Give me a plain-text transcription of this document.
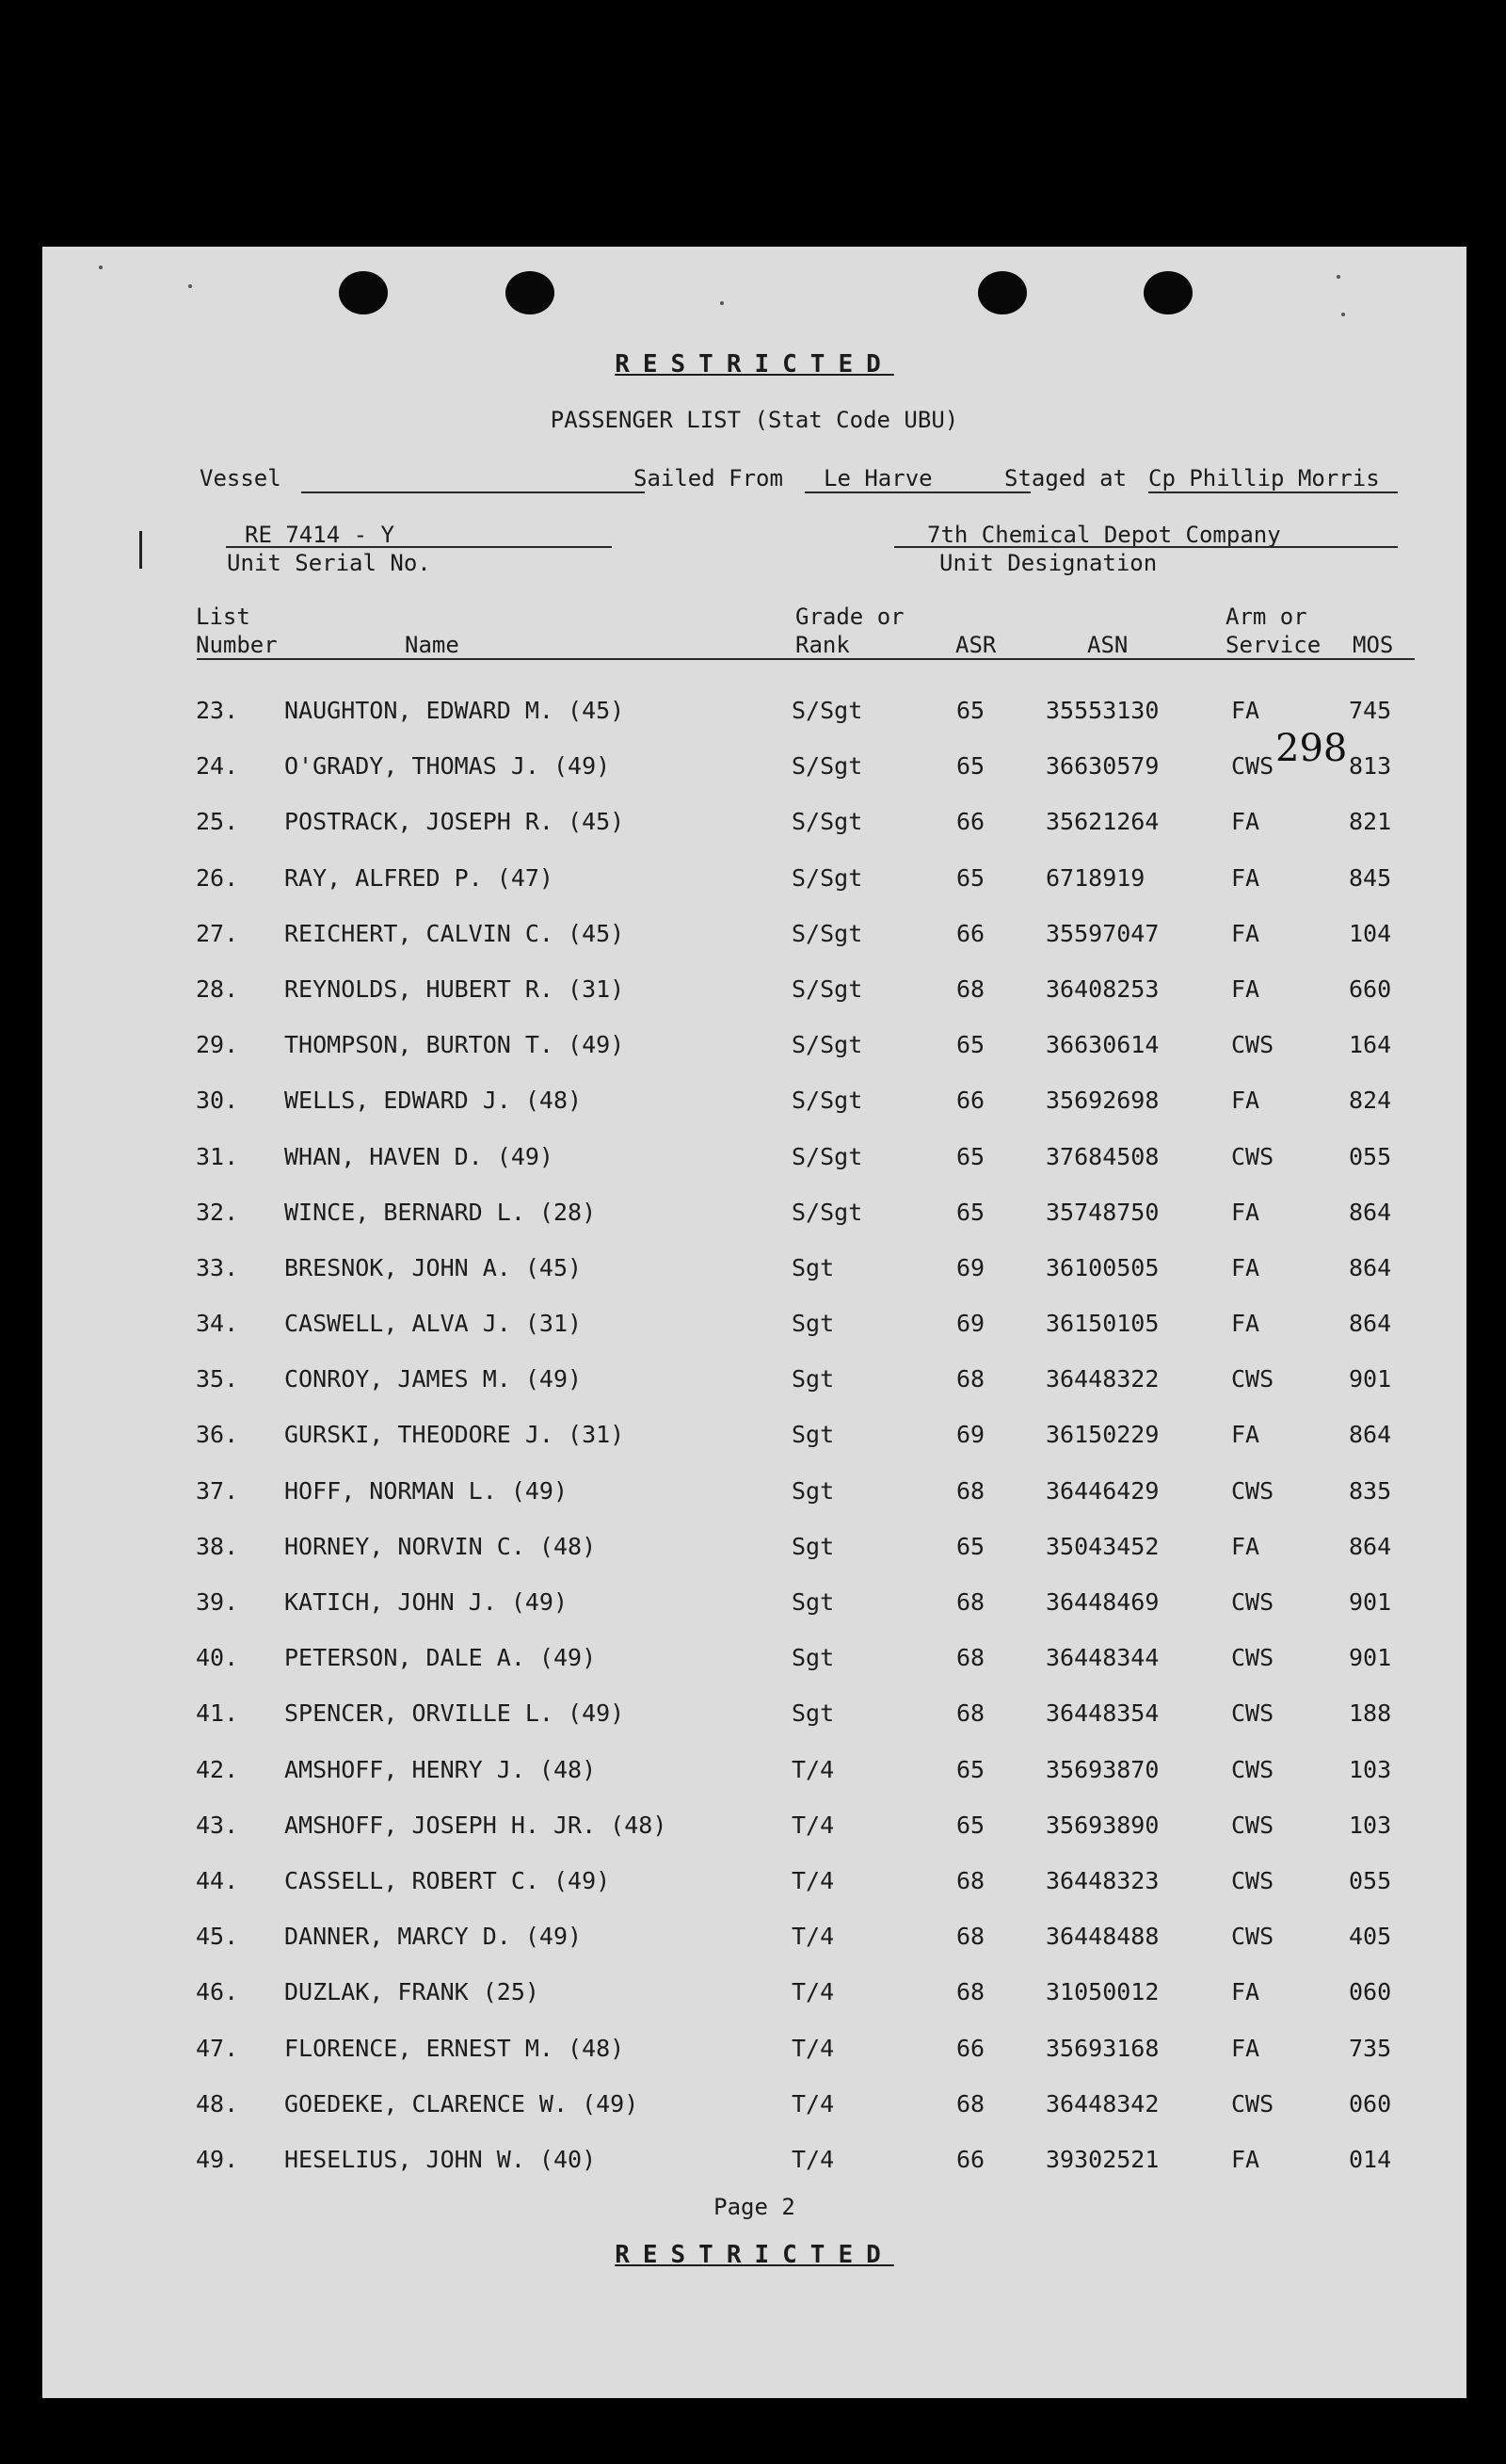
RESTRICTED
PASSENGER LIST (Stat Code UBU)
Vessel	Sailed From Le Harve	Staged at Cp Phillip Morris
RE 7414 - Y
Unit Serial No.
7th Chemical Depot Company
Unit Designation
List
Number	Name
Grade or
Rank	ASR	ASN
Arm or
Service MOS
23. NAUGHTON, EDWARD M. (45)	S/Sgt	65	35553130	FA	745
24. O'GRADY, THOMAS J. (49)	S/Sgt	65	36630579	CWS	813
25. POSTRACK, JOSEPH R. (45)	S/Sgt	66	35621264	FA	821
26. RAY, ALFRED P. (47)	S/Sgt	65	6718919	FA	845
27. REICHERT, CALVIN C. (45)	S/Sgt	66	35597047	FA	104
28. REYNOLDS, HUBERT R. (31)	S/Sgt	68	36408253	FA	660
29. THOMPSON, BURTON T. (49)	S/Sgt	65	36630614	CWS	164
30. WELLS, EDWARD J. (48)	S/Sgt	66	35692698	FA	824
31. WHAN, HAVEN D. (49)	S/Sgt	65	37684508	CWS	055
32. WINCE, BERNARD L. (28)	S/Sgt	65	35748750	FA	864
33. BRESNOK, JOHN A. (45)	Sgt	69	36100505	FA	864
34. CASWELL, ALVA J. (31)	Sgt	69	36150105	FA	864
35. CONROY, JAMES M. (49)	Sgt	68	36448322	CWS	901
36. GURSKI, THEODORE J. (31)	Sgt	69	36150229	FA	864
37. HOFF, NORMAN L. (49)	Sgt	68	36446429	CWS	835
38. HORNEY, NORVIN C. (48)	Sgt	65	35043452	FA	864
39. KATICH, JOHN J. (49)	Sgt	68	36448469	CWS	901
40. PETERSON, DALE A. (49)	Sgt	68	36448344	CWS	901
41. SPENCER, ORVILLE L. (49)	Sgt	68	36448354	CWS	188
42. AMSHOFF, HENRY J. (48)	T/4	65	35693870	CWS	103
43. AMSHOFF, JOSEPH H. JR. (48)	T/4	65	35693890	CWS	103
44. CASSELL, ROBERT C. (49)	T/4	68	36448323	CWS	055
45. DANNER, MARCY D. (49)	T/4	68	36448488	CWS	405
46. DUZLAK, FRANK (25)	T/4	68	31050012	FA	060
47. FLORENCE, ERNEST M. (48)	T/4	66	35693168	FA	735
48. GOEDEKE, CLARENCE W. (49)	T/4	68	36448342	CWS	060
49. HESELIUS, JOHN W. (40)	T/4	66	39302521	FA	014
298
Page 2
RESTRICTED
